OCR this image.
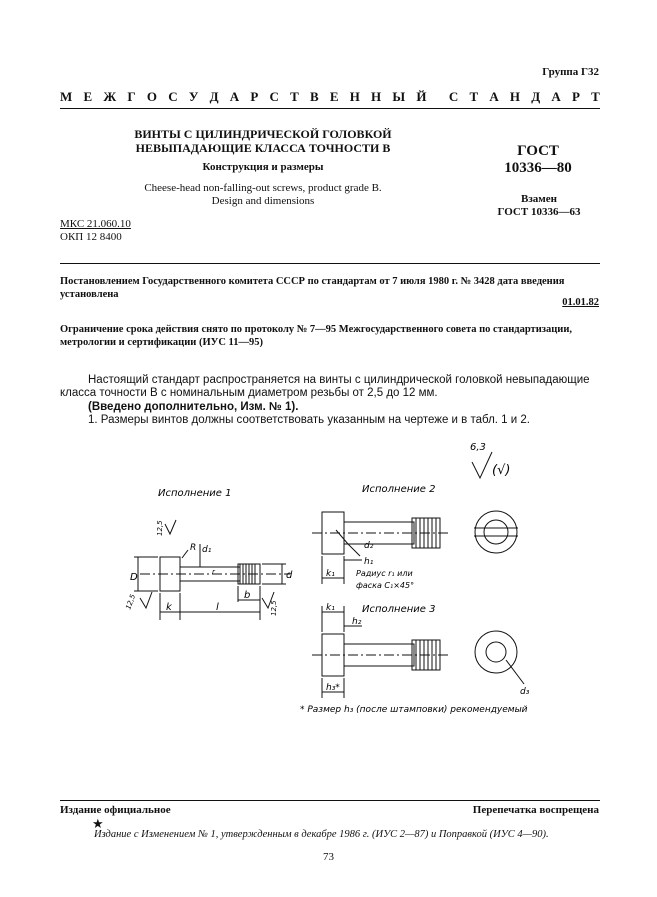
Группа Г32
М Е Ж Г О С У Д А Р С Т В Е Н Н Ы Й С Т А Н Д А Р Т
ВИНТЫ С ЦИЛИНДРИЧЕСКОЙ ГОЛОВКОЙ
НЕВЫПАДАЮЩИЕ КЛАССА ТОЧНОСТИ В
Конструкция и размеры
Cheese-head non-falling-out screws, product grade B.
Design and dimensions
ГОСТ
10336—80
Взамен
ГОСТ 10336—63
МКС 21.060.10
ОКП 12 8400
Постановлением Государственного комитета СССР по стандартам от 7 июля 1980 г. № 3428 дата введения установлена
01.01.82
Ограничение срока действия снято по протоколу № 7—95 Межгосударственного совета по стандартизации, метрологии и сертификации (ИУС 11—95)
Настоящий стандарт распространяется на винты с цилиндрической головкой невыпадающие класса точности В с номинальным диаметром резьбы от 2,5 до 12 мм.
(Введено дополнительно, Изм. № 1).
1. Размеры винтов должны соответствовать указанным на чертеже и в табл. 1 и 2.
6,3
(√)
Исполнение 1	Исполнение 2
Исполнение 3
12,5
12,5	12,5
R d₁
D	d
k	l
b
r
d₂
h₁
k₁	Радиус r₁ или
фаска C₁×45°
k₁
h₂
h₃*	d₃
* Размер h₃ (после штамповки) рекомендуемый
Издание официальное	Перепечатка воспрещена
★
Издание с Изменением № 1, утвержденным в декабре 1986 г. (ИУС 2—87) и Поправкой (ИУС 4—90).
73
